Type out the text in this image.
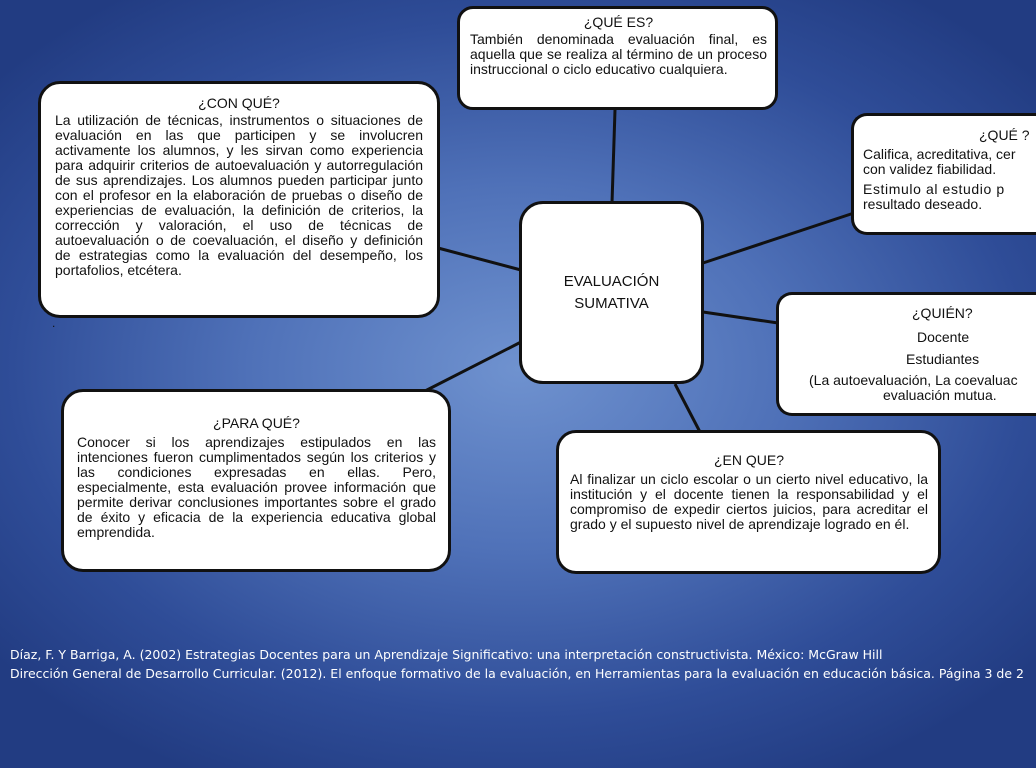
¿QUÉ ES?

También denominada evaluación final, es aquella que se realiza al término de un proceso instruccional o ciclo educativo cualquiera.

¿CON QUÉ?

La utilización de técnicas, instrumentos o situaciones de evaluación en las que participen y se involucren activamente los alumnos, y les sirvan como experiencia para adquirir criterios de autoevaluación y autorregulación de sus aprendizajes. Los alumnos pueden participar junto con el profesor en la elaboración de pruebas o diseño de experiencias de evaluación, la definición de criterios, la corrección y valoración, el uso de técnicas de autoevaluación o de coevaluación, el diseño y definición de estrategias como la evaluación del desempeño, los portafolios, etcétera.

.
¿QUÉ ?
Califica, acreditativa, cer
con validez fiabilidad.
Estimulo al estudio p
resultado deseado.
EVALUACIÓN
SUMATIVA
¿QUIÉN?
Docente
Estudiantes
(La autoevaluación, La coevaluac
evaluación mutua.
¿PARA QUÉ?

Conocer si los aprendizajes estipulados en las intenciones fueron cumplimentados según los criterios y las condiciones expresadas en ellas. Pero, especialmente, esta evaluación provee información que permite derivar conclusiones importantes sobre el grado de éxito y eficacia de la experiencia educativa global emprendida.

¿EN QUE?

Al finalizar un ciclo escolar o un cierto nivel educativo, la institución y el docente tienen la responsabilidad y el compromiso de expedir ciertos juicios, para acreditar el grado y el supuesto nivel de aprendizaje logrado en él.

Díaz, F. Y Barriga, A. (2002) Estrategias Docentes para un Aprendizaje Significativo: una interpretación constructivista. México: McGraw Hill
Dirección General de Desarrollo Curricular. (2012). El enfoque formativo de la evaluación, en Herramientas para la evaluación en educación básica. Página 3 de 2
